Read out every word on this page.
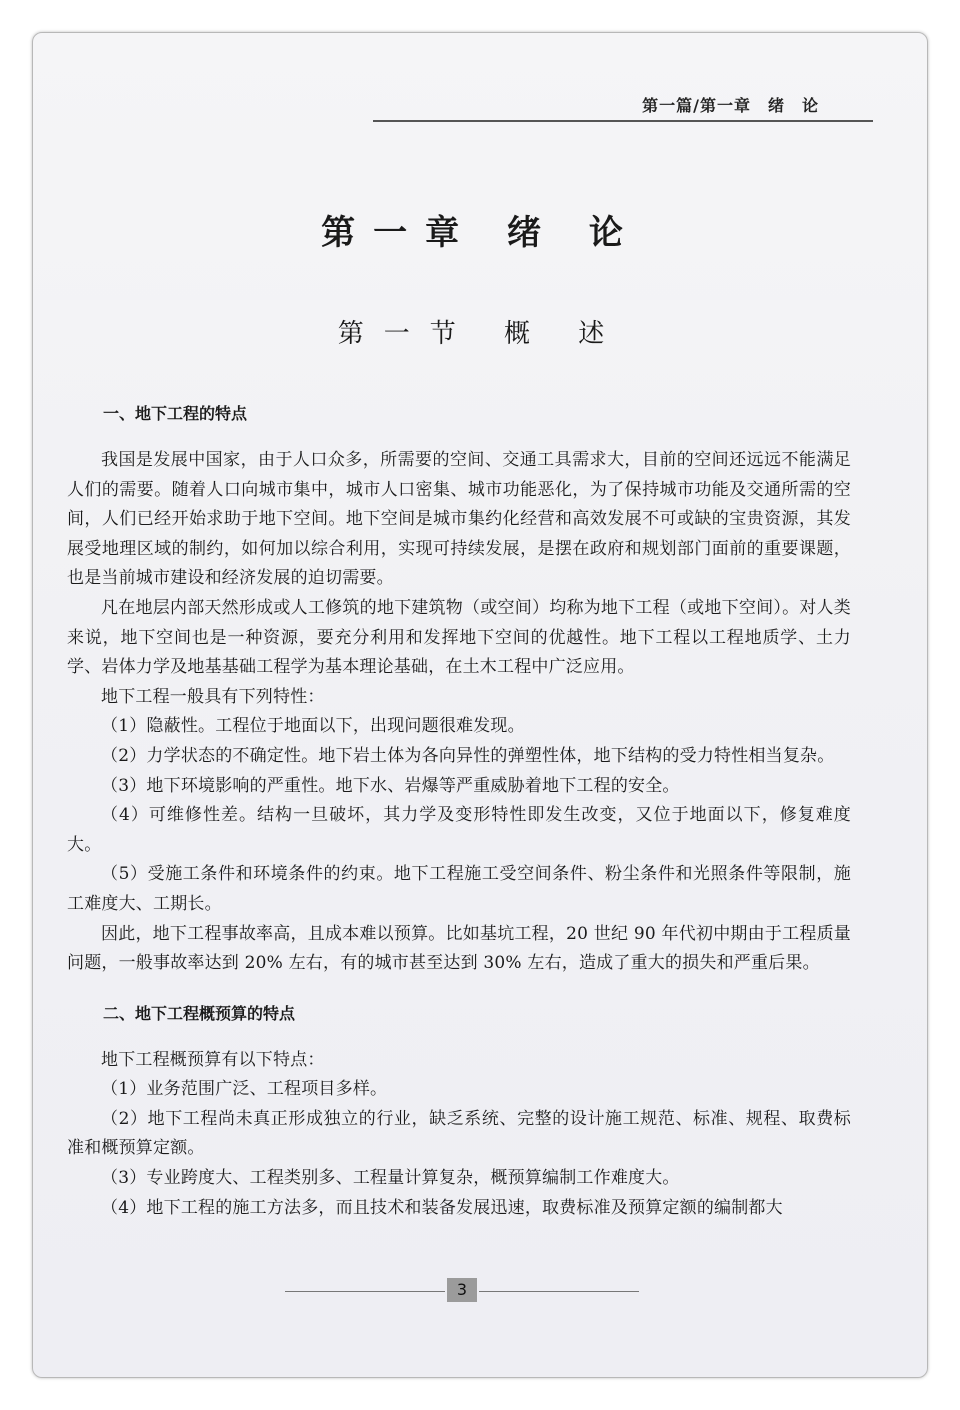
第一篇/第一章　绪　论
第一章 绪 论
第一节 概 述
一、地下工程的特点

我国是发展中国家，由于人口众多，所需要的空间、交通工具需求大，目前的空间还远远不能满足人们的需要。随着人口向城市集中，城市人口密集、城市功能恶化，为了保持城市功能及交通所需的空间，人们已经开始求助于地下空间。地下空间是城市集约化经营和高效发展不可或缺的宝贵资源，其发展受地理区域的制约，如何加以综合利用，实现可持续发展，是摆在政府和规划部门面前的重要课题，也是当前城市建设和经济发展的迫切需要。

凡在地层内部天然形成或人工修筑的地下建筑物（或空间）均称为地下工程（或地下空间）。对人类来说，地下空间也是一种资源，要充分利用和发挥地下空间的优越性。地下工程以工程地质学、土力学、岩体力学及地基基础工程学为基本理论基础，在土木工程中广泛应用。

地下工程一般具有下列特性：

（1）隐蔽性。工程位于地面以下，出现问题很难发现。

（2）力学状态的不确定性。地下岩土体为各向异性的弹塑性体，地下结构的受力特性相当复杂。

（3）地下环境影响的严重性。地下水、岩爆等严重威胁着地下工程的安全。

（4）可维修性差。结构一旦破坏，其力学及变形特性即发生改变，又位于地面以下，修复难度大。

（5）受施工条件和环境条件的约束。地下工程施工受空间条件、粉尘条件和光照条件等限制，施工难度大、工期长。

因此，地下工程事故率高，且成本难以预算。比如基坑工程，20 世纪 90 年代初中期由于工程质量问题，一般事故率达到 20% 左右，有的城市甚至达到 30% 左右，造成了重大的损失和严重后果。

二、地下工程概预算的特点

地下工程概预算有以下特点：

（1）业务范围广泛、工程项目多样。

（2）地下工程尚未真正形成独立的行业，缺乏系统、完整的设计施工规范、标准、规程、取费标准和概预算定额。

（3）专业跨度大、工程类别多、工程量计算复杂，概预算编制工作难度大。

（4）地下工程的施工方法多，而且技术和装备发展迅速，取费标准及预算定额的编制都大

3
